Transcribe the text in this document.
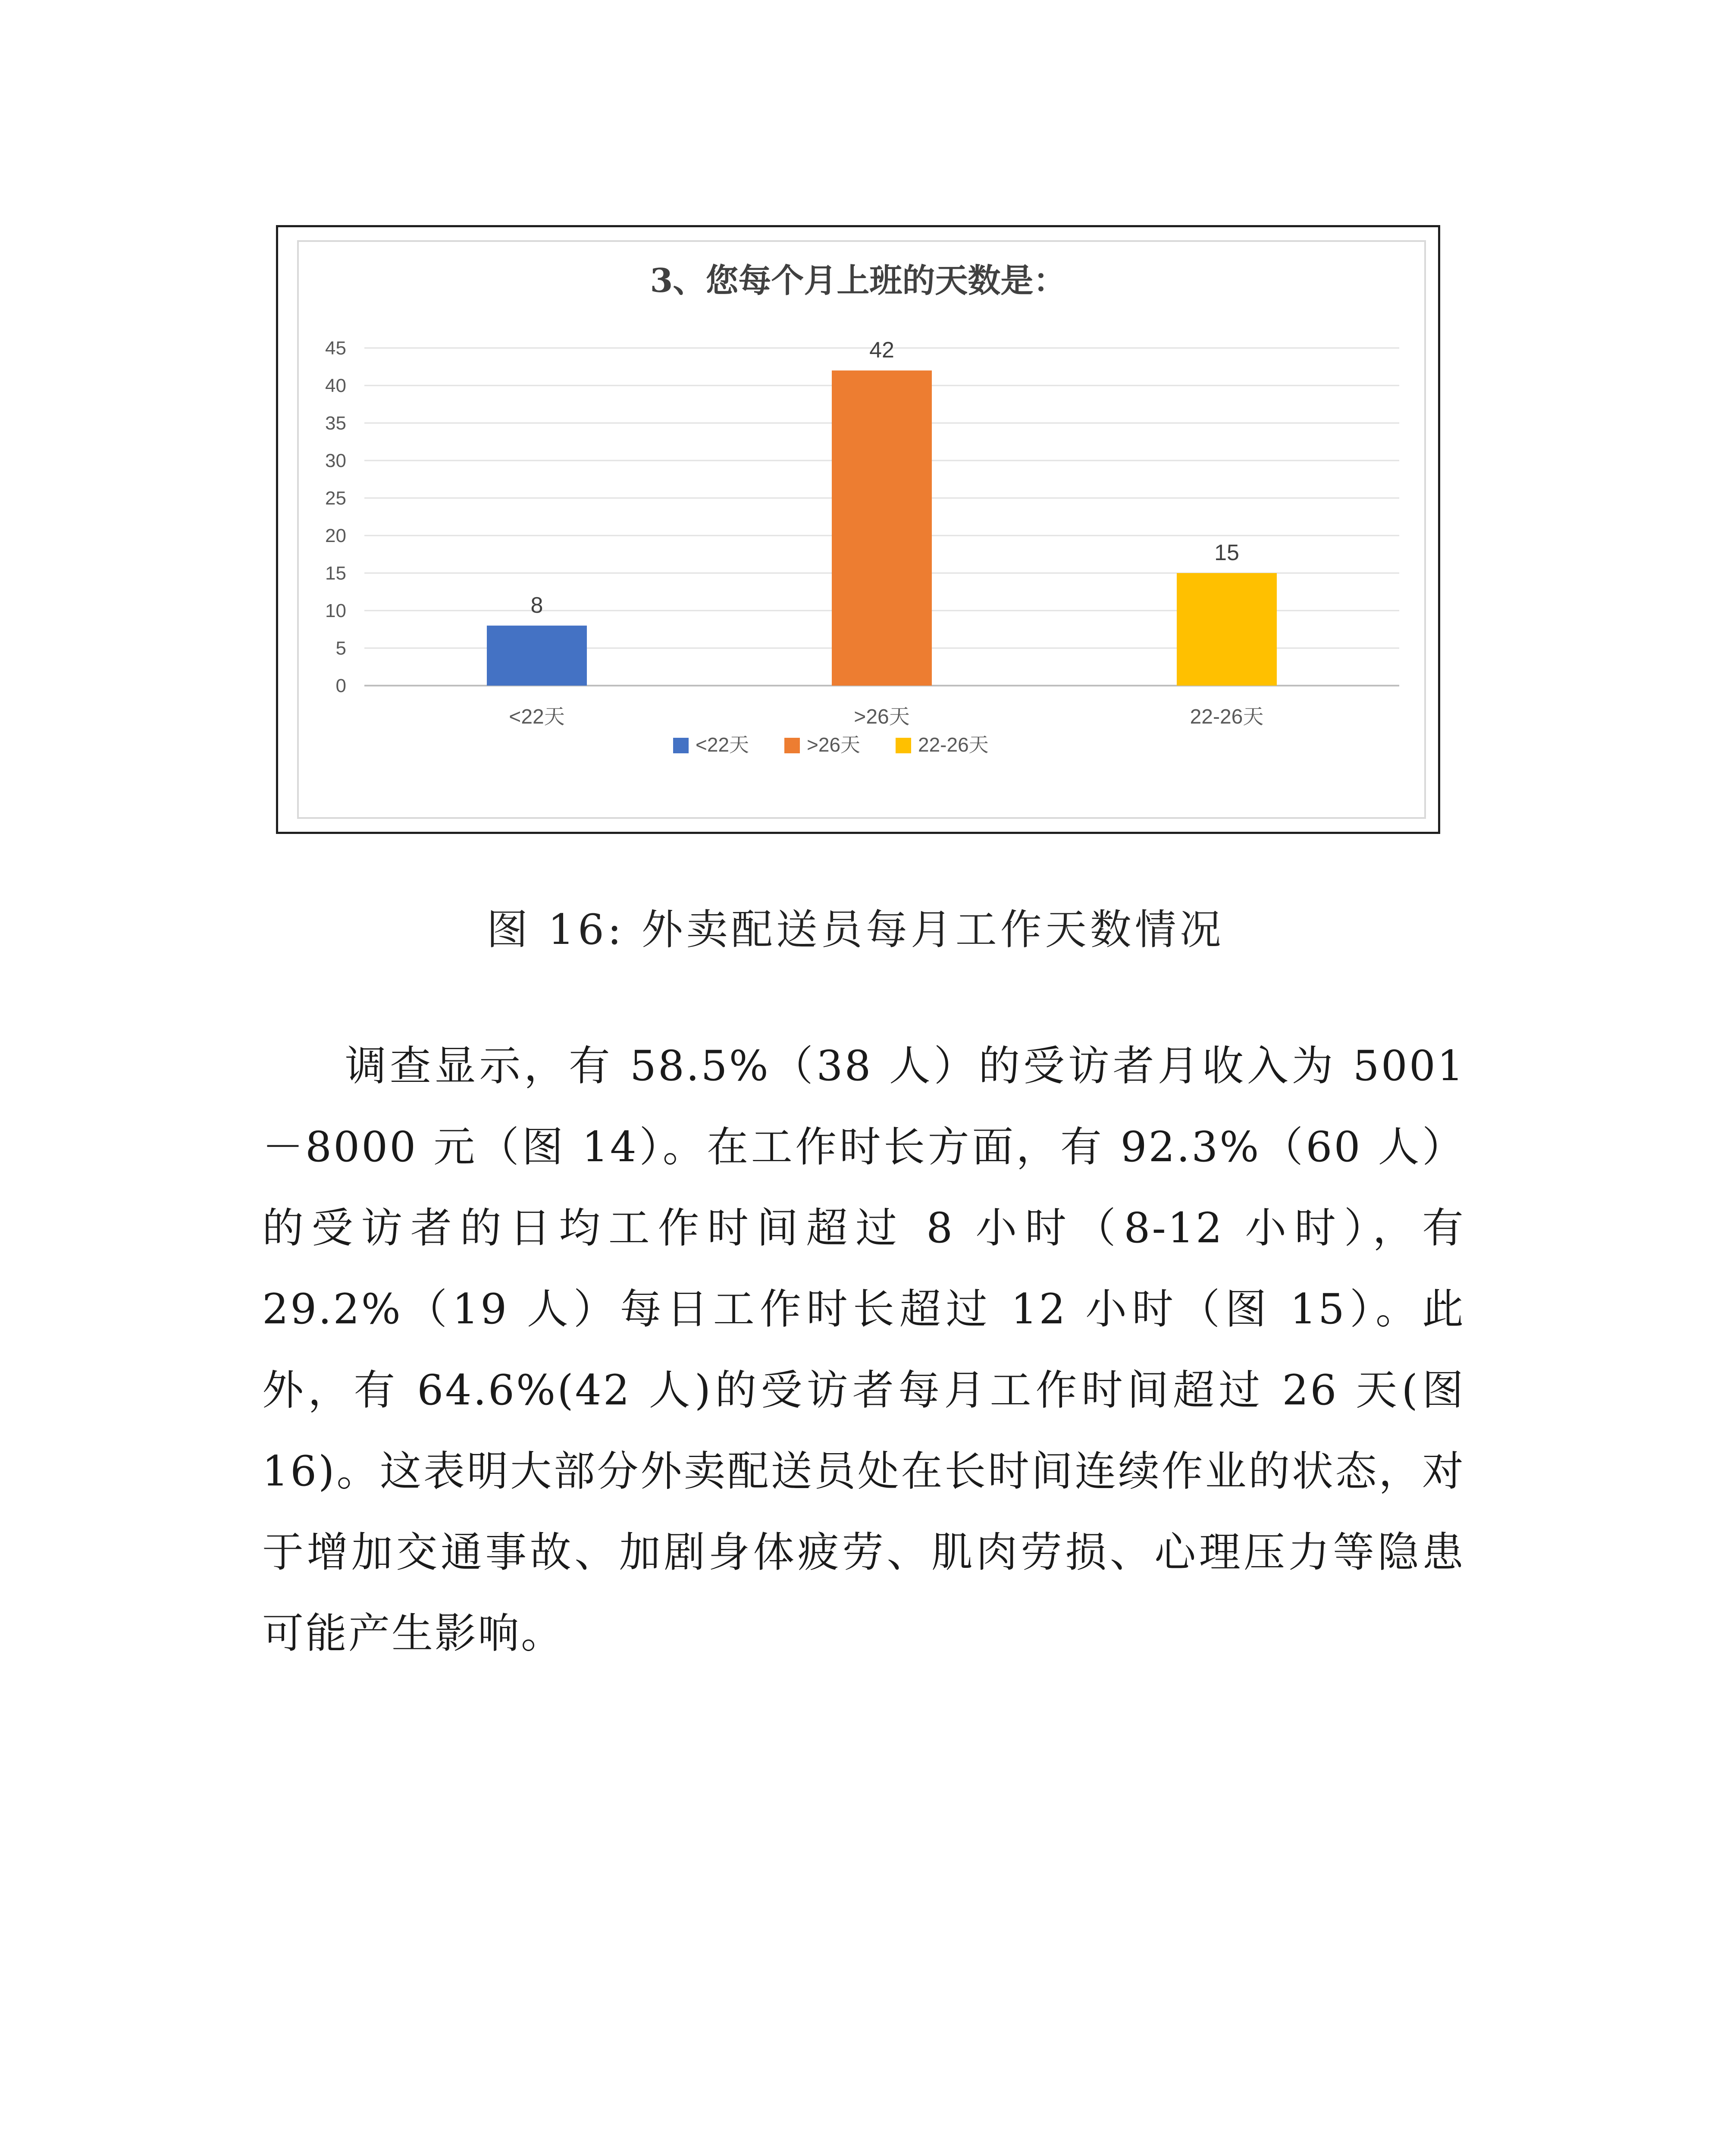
3、您每个月上班的天数是：
0
5
10
15
20
25
30
35
40
45
8
<22天
42
>26天
15
22-26天
<22天	>26天	22-26天
图 16: 外卖配送员每月工作天数情况

调查显示，有 58.5%（38 人）的受访者月收入为 5001－8000 元（图 14）。在工作时长方面，有 92.3%（60 人）的受访者的日均工作时间超过 8 小时（8-12 小时），有 29.2%（19 人）每日工作时长超过 12 小时（图 15）。此外，有 64.6%(42 人)的受访者每月工作时间超过 26 天(图 16)。这表明大部分外卖配送员处在长时间连续作业的状态，对于增加交通事故、加剧身体疲劳、肌肉劳损、心理压力等隐患可能产生影响。
